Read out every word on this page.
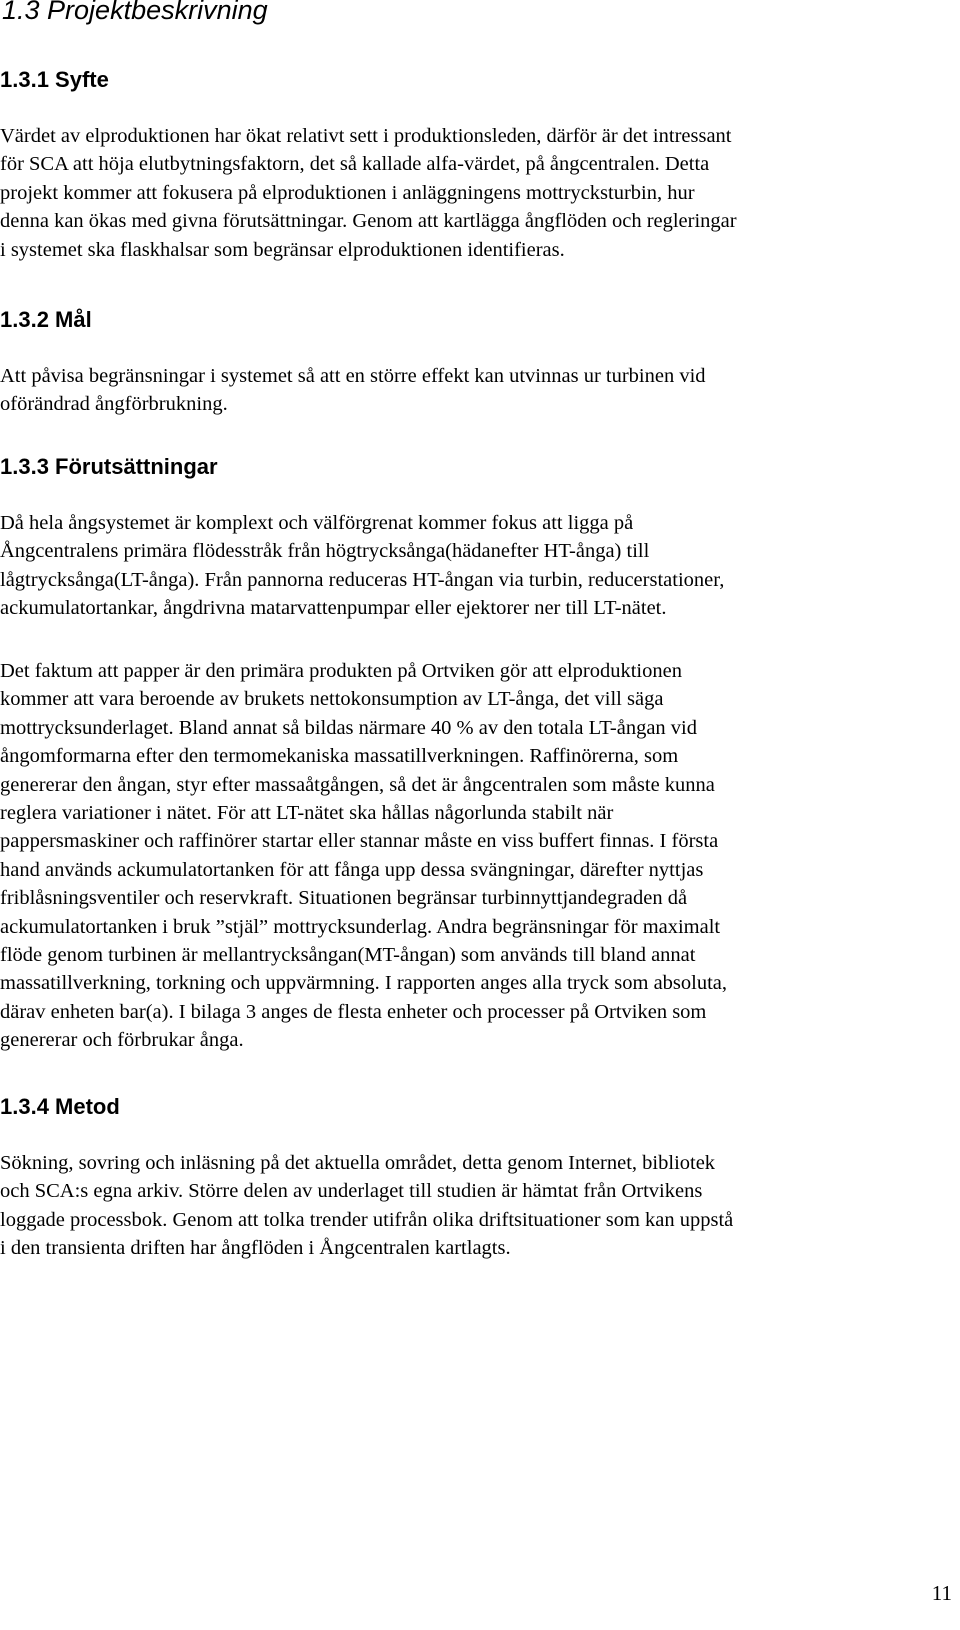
1.3 Projektbeskrivning
1.3.1 Syfte

Värdet av elproduktionen har ökat relativt sett i produktionsleden, därför är det intressant
för SCA att höja elutbytningsfaktorn, det så kallade alfa-värdet, på ångcentralen. Detta
projekt kommer att fokusera på elproduktionen i anläggningens mottrycksturbin, hur
denna kan ökas med givna förutsättningar. Genom att kartlägga ångflöden och regleringar
i systemet ska flaskhalsar som begränsar elproduktionen identifieras.

1.3.2 Mål

Att påvisa begränsningar i systemet så att en större effekt kan utvinnas ur turbinen vid
oförändrad ångförbrukning.

1.3.3 Förutsättningar

Då hela ångsystemet är komplext och välförgrenat kommer fokus att ligga på
Ångcentralens primära flödesstråk från högtrycksånga(hädanefter HT-ånga) till
lågtrycksånga(LT-ånga). Från pannorna reduceras HT-ångan via turbin, reducerstationer,
ackumulatortankar, ångdrivna matarvattenpumpar eller ejektorer ner till LT-nätet.

Det faktum att papper är den primära produkten på Ortviken gör att elproduktionen
kommer att vara beroende av brukets nettokonsumption av LT-ånga, det vill säga
mottrycksunderlaget. Bland annat så bildas närmare 40 % av den totala LT-ångan vid
ångomformarna efter den termomekaniska massatillverkningen. Raffinörerna, som
genererar den ångan, styr efter massaåtgången, så det är ångcentralen som måste kunna
reglera variationer i nätet. För att LT-nätet ska hållas någorlunda stabilt när
pappersmaskiner och raffinörer startar eller stannar måste en viss buffert finnas. I första
hand används ackumulatortanken för att fånga upp dessa svängningar, därefter nyttjas
friblåsningsventiler och reservkraft. Situationen begränsar turbinnyttjandegraden då
ackumulatortanken i bruk ”stjäl” mottrycksunderlag. Andra begränsningar för maximalt
flöde genom turbinen är mellantrycksångan(MT-ångan) som används till bland annat
massatillverkning, torkning och uppvärmning. I rapporten anges alla tryck som absoluta,
därav enheten bar(a). I bilaga 3 anges de flesta enheter och processer på Ortviken som
genererar och förbrukar ånga.

1.3.4 Metod

Sökning, sovring och inläsning på det aktuella området, detta genom Internet, bibliotek
och SCA:s egna arkiv. Större delen av underlaget till studien är hämtat från Ortvikens
loggade processbok. Genom att tolka trender utifrån olika driftsituationer som kan uppstå
i den transienta driften har ångflöden i Ångcentralen kartlagts.

11
